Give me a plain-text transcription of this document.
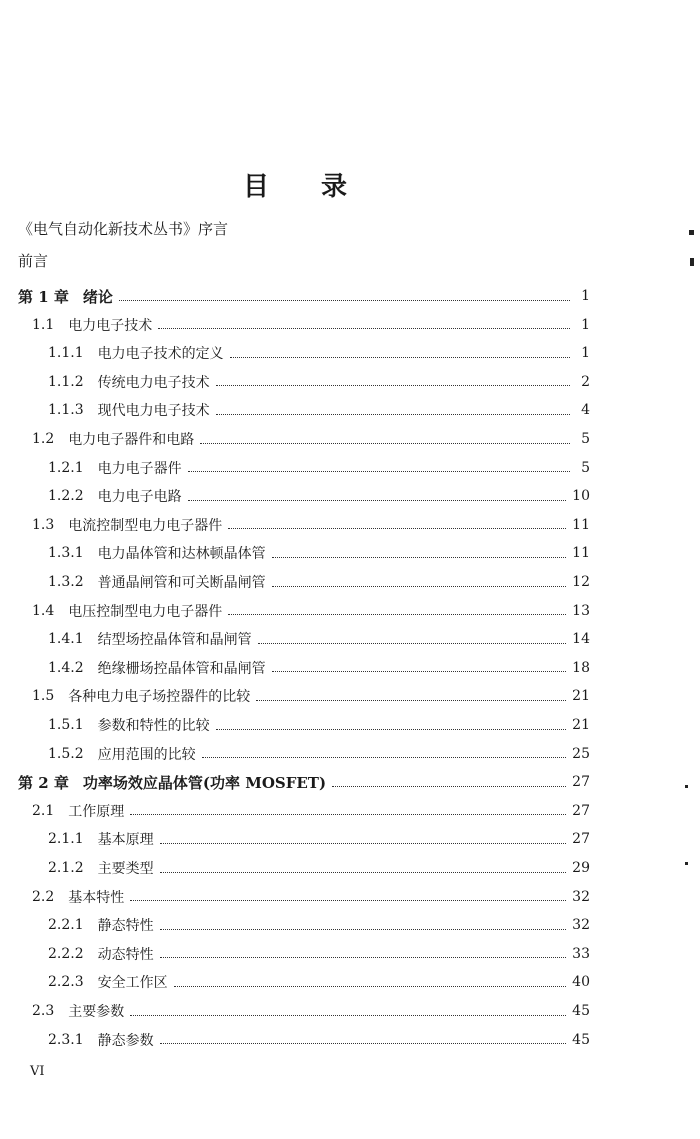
目 录
《电气自动化新技术丛书》序言
前言
第 1 章 绪论	1
1.1 电力电子技术	1
1.1.1 电力电子技术的定义	1
1.1.2 传统电力电子技术	2
1.1.3 现代电力电子技术	4
1.2 电力电子器件和电路	5
1.2.1 电力电子器件	5
1.2.2 电力电子电路	10
1.3 电流控制型电力电子器件	11
1.3.1 电力晶体管和达林顿晶体管	11
1.3.2 普通晶闸管和可关断晶闸管	12
1.4 电压控制型电力电子器件	13
1.4.1 结型场控晶体管和晶闸管	14
1.4.2 绝缘栅场控晶体管和晶闸管	18
1.5 各种电力电子场控器件的比较	21
1.5.1 参数和特性的比较	21
1.5.2 应用范围的比较	25
第 2 章 功率场效应晶体管(功率 MOSFET)	27
2.1 工作原理	27
2.1.1 基本原理	27
2.1.2 主要类型	29
2.2 基本特性	32
2.2.1 静态特性	32
2.2.2 动态特性	33
2.2.3 安全工作区	40
2.3 主要参数	45
2.3.1 静态参数	45
VI
